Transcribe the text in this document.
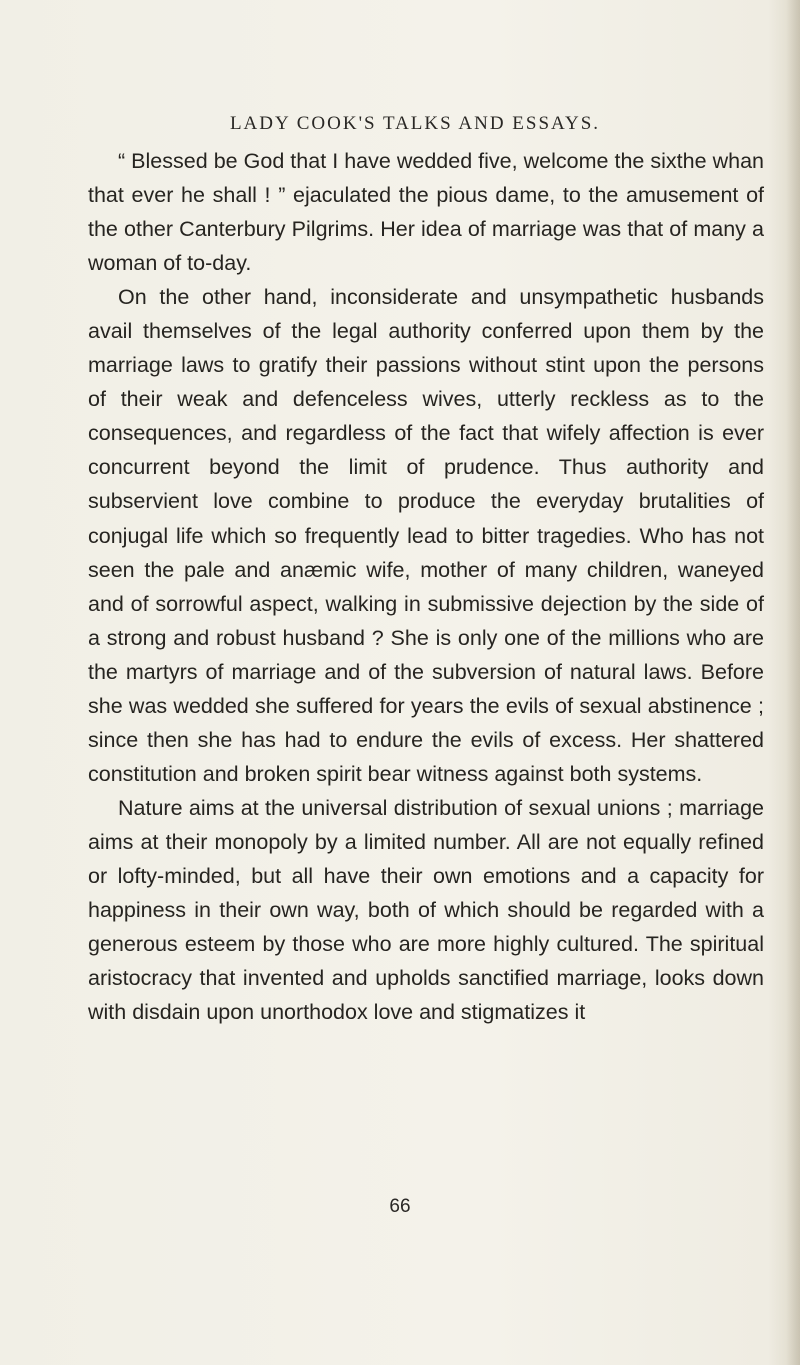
LADY COOK'S TALKS AND ESSAYS.

“ Blessed be God that I have wedded five, welcome the sixthe whan that ever he shall ! ” ejaculated the pious dame, to the amusement of the other Canterbury Pilgrims. Her idea of marriage was that of many a woman of to-day.

On the other hand, inconsiderate and unsympathetic husbands avail themselves of the legal authority conferred upon them by the marriage laws to gratify their passions without stint upon the persons of their weak and defenceless wives, utterly reckless as to the consequences, and regardless of the fact that wifely affection is ever concurrent beyond the limit of prudence. Thus authority and subservient love combine to produce the everyday brutalities of conjugal life which so frequently lead to bitter tragedies. Who has not seen the pale and anæmic wife, mother of many children, waneyed and of sorrowful aspect, walking in submissive dejection by the side of a strong and robust husband ? She is only one of the millions who are the martyrs of marriage and of the subversion of natural laws. Before she was wedded she suffered for years the evils of sexual abstinence ; since then she has had to endure the evils of excess. Her shattered constitution and broken spirit bear witness against both systems.

Nature aims at the universal distribution of sexual unions ; marriage aims at their monopoly by a limited number. All are not equally refined or lofty-minded, but all have their own emotions and a capacity for happiness in their own way, both of which should be regarded with a generous esteem by those who are more highly cultured. The spiritual aristocracy that invented and upholds sanctified marriage, looks down with disdain upon unorthodox love and stigmatizes it

66
